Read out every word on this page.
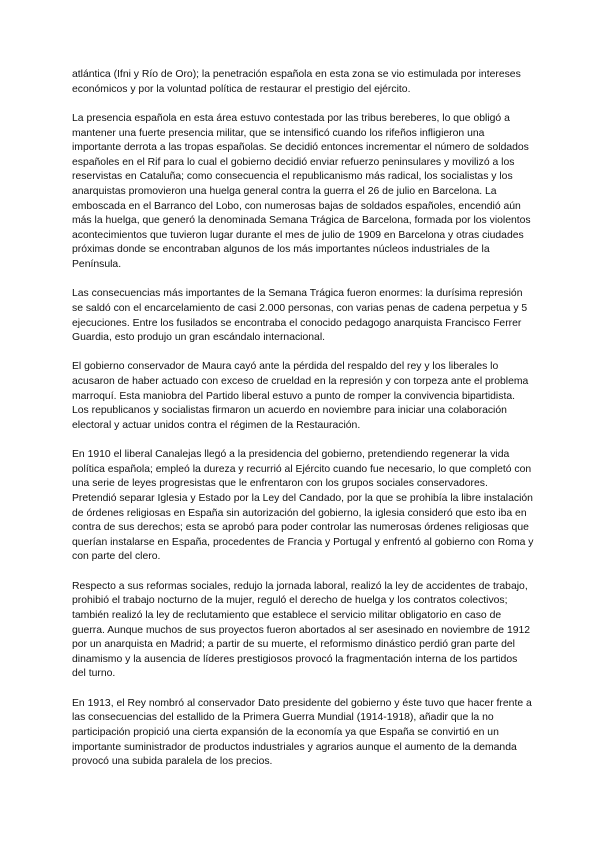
atlántica (Ifni y Río de Oro); la penetración española en esta zona se vio estimulada por intereses económicos y por la voluntad política de restaurar el prestigio del ejército.

La presencia española en esta área estuvo contestada por las tribus bereberes, lo que obligó a mantener una fuerte presencia militar, que se intensificó cuando los rifeños infligieron una importante derrota a las tropas españolas. Se decidió entonces incrementar el número de soldados españoles en el Rif para lo cual el gobierno decidió enviar refuerzo peninsulares y movilizó a los reservistas en Cataluña; como consecuencia el republicanismo más radical, los socialistas y los anarquistas promovieron una huelga general contra la guerra el 26 de julio en Barcelona. La emboscada en el Barranco del Lobo, con numerosas bajas de soldados españoles, encendió aún más la huelga, que generó la denominada Semana Trágica de Barcelona, formada por los violentos acontecimientos que tuvieron lugar durante el mes de julio de 1909 en Barcelona y otras ciudades próximas donde se encontraban algunos de los más importantes núcleos industriales de la Península.

Las consecuencias más importantes de la Semana Trágica fueron enormes: la durísima represión se saldó con el encarcelamiento de casi 2.000 personas, con varias penas de cadena perpetua y 5 ejecuciones. Entre los fusilados se encontraba el conocido pedagogo anarquista Francisco Ferrer Guardia, esto produjo un gran escándalo internacional.

El gobierno conservador de Maura cayó ante la pérdida del respaldo del rey y los liberales lo acusaron de haber actuado con exceso de crueldad en la represión y con torpeza ante el problema marroquí. Esta maniobra del Partido liberal estuvo a punto de romper la convivencia bipartidista. Los republicanos y socialistas firmaron un acuerdo en noviembre para iniciar una colaboración electoral y actuar unidos contra el régimen de la Restauración.

En 1910 el liberal Canalejas llegó a la presidencia del gobierno, pretendiendo regenerar la vida política española; empleó la dureza y recurrió al Ejército cuando fue necesario, lo que completó con una serie de leyes progresistas que le enfrentaron con los grupos sociales conservadores. Pretendió separar Iglesia y Estado por la Ley del Candado, por la que se prohibía la libre instalación de órdenes religiosas en España sin autorización del gobierno, la iglesia consideró que esto iba en contra de sus derechos; esta se aprobó para poder controlar las numerosas órdenes religiosas que querían instalarse en España, procedentes de Francia y Portugal y enfrentó al gobierno con Roma y con parte del clero.

Respecto a sus reformas sociales, redujo la jornada laboral, realizó la ley de accidentes de trabajo, prohibió el trabajo nocturno de la mujer, reguló el derecho de huelga y los contratos colectivos; también realizó la ley de reclutamiento que establece el servicio militar obligatorio en caso de guerra. Aunque muchos de sus proyectos fueron abortados al ser asesinado en noviembre de 1912 por un anarquista en Madrid; a partir de su muerte, el reformismo dinástico perdió gran parte del dinamismo y la ausencia de líderes prestigiosos provocó la fragmentación interna de los partidos del turno.

En 1913, el Rey nombró al conservador Dato presidente del gobierno y éste tuvo que hacer frente a las consecuencias del estallido de la Primera Guerra Mundial (1914-1918), añadir que la no participación propició una cierta expansión de la economía ya que España se convirtió en un importante suministrador de productos industriales y agrarios aunque el aumento de la demanda provocó una subida paralela de los precios.
